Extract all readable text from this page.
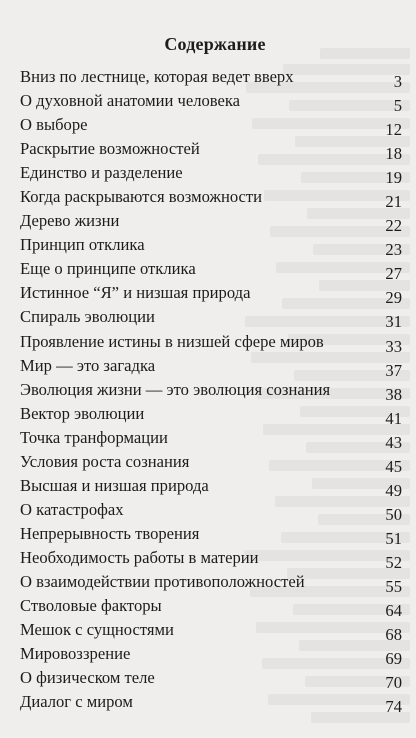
Содержание
Вниз по лестнице, которая ведет вверх	3
О духовной анатомии человека	5
О выборе	12
Раскрытие возможностей	18
Единство и разделение	19
Когда раскрываются возможности	21
Дерево жизни	22
Принцип отклика	23
Еще о принципе отклика	27
Истинное “Я” и низшая природа	29
Спираль эволюции	31
Проявление истины в низшей сфере миров	33
Мир — это загадка	37
Эволюция жизни — это эволюция сознания	38
Вектор эволюции	41
Точка транформации	43
Условия роста сознания	45
Высшая и низшая природа	49
О катастрофах	50
Непрерывность творения	51
Необходимость работы в материи	52
О взаимодействии противоположностей	55
Стволовые факторы	64
Мешок с сущностями	68
Мировоззрение	69
О физическом теле	70
Диалог с миром	74
